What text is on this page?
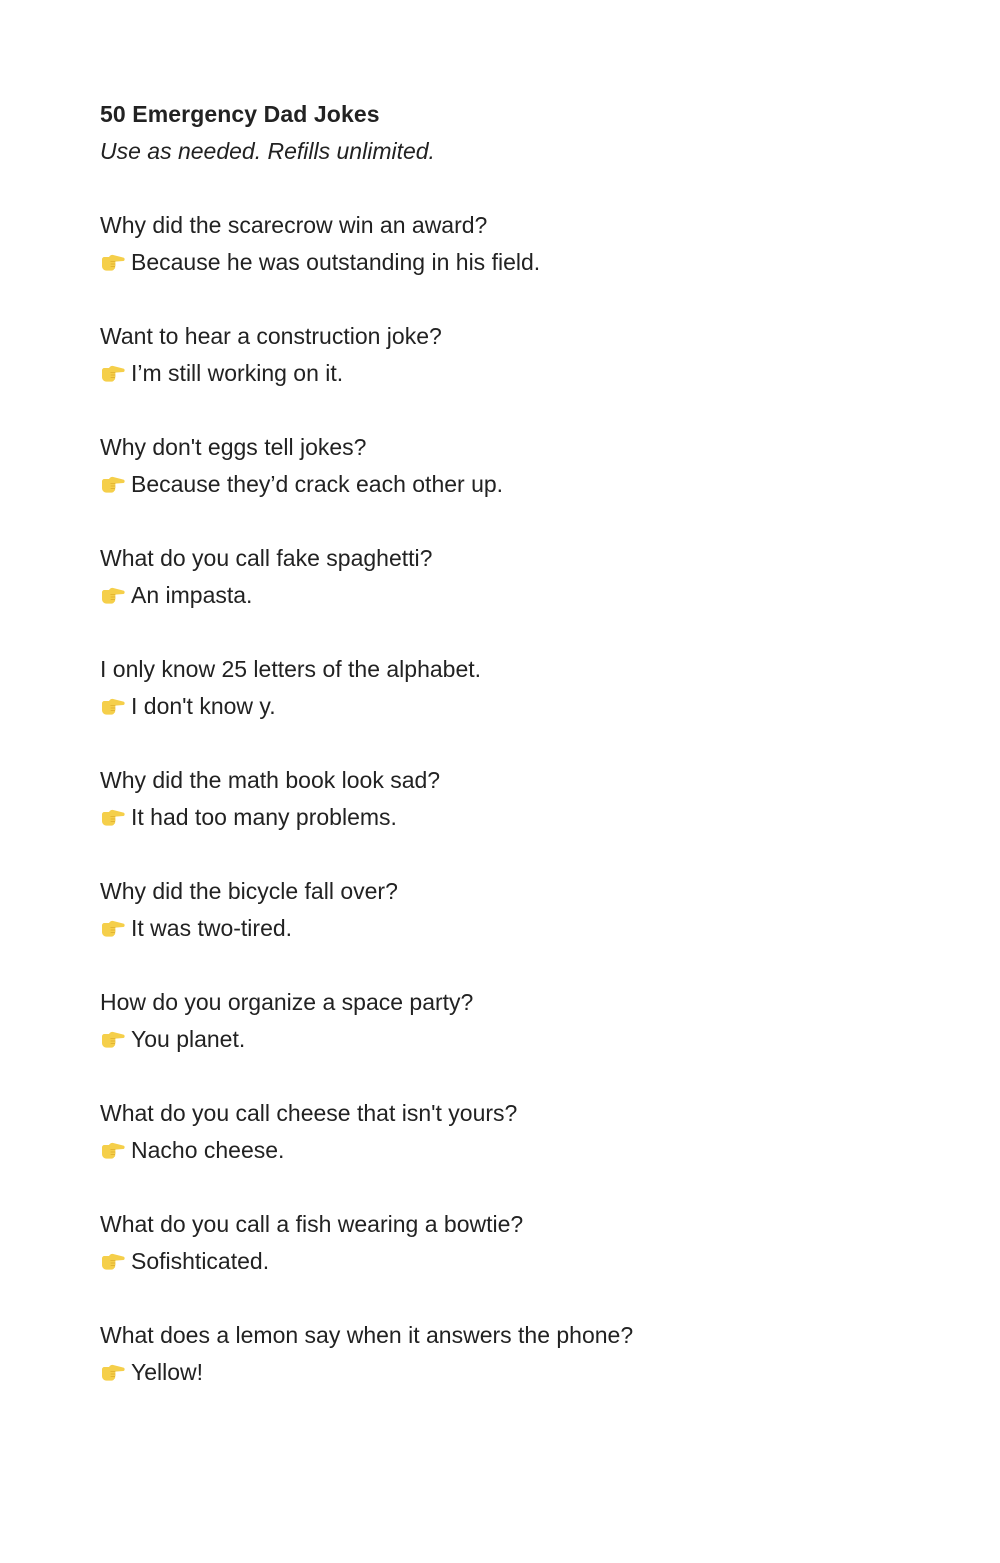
50 Emergency Dad Jokes

Use as needed. Refills unlimited.

Why did the scarecrow win an award?

Because he was outstanding in his field.

Want to hear a construction joke?

I’m still working on it.

Why don't eggs tell jokes?

Because they’d crack each other up.

What do you call fake spaghetti?

An impasta.

I only know 25 letters of the alphabet.

I don't know y.

Why did the math book look sad?

It had too many problems.

Why did the bicycle fall over?

It was two-tired.

How do you organize a space party?

You planet.

What do you call cheese that isn't yours?

Nacho cheese.

What do you call a fish wearing a bowtie?

Sofishticated.

What does a lemon say when it answers the phone?

Yellow!
